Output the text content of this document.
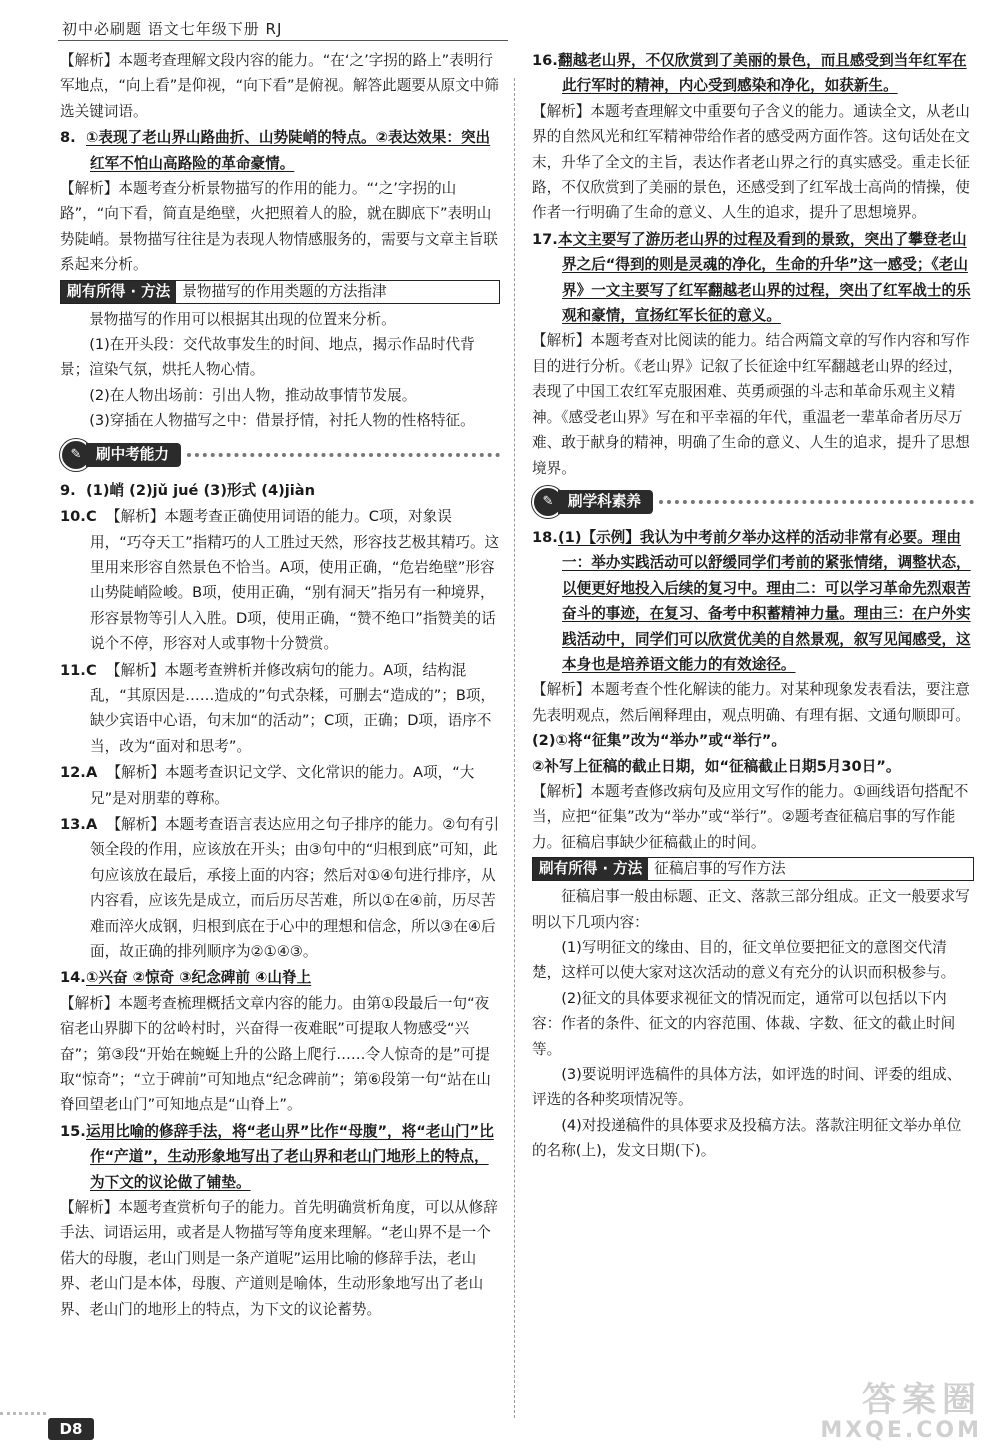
初中必刷题 语文七年级下册 RJ

【解析】本题考查理解文段内容的能力。“在‘之’字拐的路上”表明行军地点，“向上看”是仰视，“向下看”是俯视。解答此题要从原文中筛选关键词语。

8. ①表现了老山界山路曲折、山势陡峭的特点。②表达效果：突出红军不怕山高路险的革命豪情。

【解析】本题考查分析景物描写的作用的能力。“‘之’字拐的山路”，“向下看，简直是绝壁，火把照着人的脸，就在脚底下”表明山势陡峭。景物描写往往是为表现人物情感服务的，需要与文章主旨联系起来分析。

刷有所得 · 方法 景物描写的作用类题的方法指津

景物描写的作用可以根据其出现的位置来分析。

(1)在开头段：交代故事发生的时间、地点，揭示作品时代背景；渲染气氛，烘托人物心情。

(2)在人物出场前：引出人物，推动故事情节发展。

(3)穿插在人物描写之中：借景抒情，衬托人物的性格特征。

✎ 刷中考能力

9. (1)峭 (2)jǔ jué (3)形式 (4)jiàn

10.C 【解析】本题考查正确使用词语的能力。C项，对象误用，“巧夺天工”指精巧的人工胜过天然，形容技艺极其精巧。这里用来形容自然景色不恰当。A项，使用正确，“危岩绝壁”形容山势陡峭险峻。B项，使用正确，“别有洞天”指另有一种境界，形容景物等引人入胜。D项，使用正确，“赞不绝口”指赞美的话说个不停，形容对人或事物十分赞赏。

11.C 【解析】本题考查辨析并修改病句的能力。A项，结构混乱，“其原因是……造成的”句式杂糅，可删去“造成的”；B项，缺少宾语中心语，句末加“的活动”；C项，正确；D项，语序不当，改为“面对和思考”。

12.A 【解析】本题考查识记文学、文化常识的能力。A项，“大兄”是对朋辈的尊称。

13.A 【解析】本题考查语言表达应用之句子排序的能力。②句有引领全段的作用，应该放在开头；由③句中的“归根到底”可知，此句应该放在最后，承接上面的内容；然后对①④句进行排序，从内容看，应该先是成立，而后历尽苦难，所以①在④前，历尽苦难而淬火成钢，归根到底在于心中的理想和信念，所以③在④后面，故正确的排列顺序为②①④③。

14.①兴奋 ②惊奇 ③纪念碑前 ④山脊上

【解析】本题考查梳理概括文章内容的能力。由第①段最后一句“夜宿老山界脚下的岔岭村时，兴奋得一夜难眠”可提取人物感受“兴奋”；第③段“开始在蜿蜒上升的公路上爬行……令人惊奇的是”可提取“惊奇”；“立于碑前”可知地点“纪念碑前”；第⑥段第一句“站在山脊回望老山门”可知地点是“山脊上”。

15.运用比喻的修辞手法，将“老山界”比作“母腹”，将“老山门”比作“产道”，生动形象地写出了老山界和老山门地形上的特点，为下文的议论做了铺垫。

【解析】本题考查赏析句子的能力。首先明确赏析角度，可以从修辞手法、词语运用，或者是人物描写等角度来理解。“老山界不是一个偌大的母腹，老山门则是一条产道呢”运用比喻的修辞手法，老山界、老山门是本体，母腹、产道则是喻体，生动形象地写出了老山界、老山门的地形上的特点，为下文的议论蓄势。

16.翻越老山界，不仅欣赏到了美丽的景色，而且感受到当年红军在此行军时的精神，内心受到感染和净化，如获新生。

【解析】本题考查理解文中重要句子含义的能力。通读全文，从老山界的自然风光和红军精神带给作者的感受两方面作答。这句话处在文末，升华了全文的主旨，表达作者老山界之行的真实感受。重走长征路，不仅欣赏到了美丽的景色，还感受到了红军战士高尚的情操，使作者一行明确了生命的意义、人生的追求，提升了思想境界。

17.本文主要写了游历老山界的过程及看到的景致，突出了攀登老山界之后“得到的则是灵魂的净化，生命的升华”这一感受；《老山界》一文主要写了红军翻越老山界的过程，突出了红军战士的乐观和豪情，宣扬红军长征的意义。

【解析】本题考查对比阅读的能力。结合两篇文章的写作内容和写作目的进行分析。《老山界》记叙了长征途中红军翻越老山界的经过，表现了中国工农红军克服困难、英勇顽强的斗志和革命乐观主义精神。《感受老山界》写在和平幸福的年代，重温老一辈革命者历尽万难、敢于献身的精神，明确了生命的意义、人生的追求，提升了思想境界。

✎ 刷学科素养

18.(1)【示例】我认为中考前夕举办这样的活动非常有必要。理由一：举办实践活动可以舒缓同学们考前的紧张情绪，调整状态，以便更好地投入后续的复习中。理由二：可以学习革命先烈艰苦奋斗的事迹，在复习、备考中积蓄精神力量。理由三：在户外实践活动中，同学们可以欣赏优美的自然景观，叙写见闻感受，这本身也是培养语文能力的有效途径。

【解析】本题考查个性化解读的能力。对某种现象发表看法，要注意先表明观点，然后阐释理由，观点明确、有理有据、文通句顺即可。

(2)①将“征集”改为“举办”或“举行”。

②补写上征稿的截止日期，如“征稿截止日期5月30日”。

【解析】本题考查修改病句及应用文写作的能力。①画线语句搭配不当，应把“征集”改为“举办”或“举行”。②题考查征稿启事的写作能力。征稿启事缺少征稿截止的时间。

刷有所得 · 方法 征稿启事的写作方法

征稿启事一般由标题、正文、落款三部分组成。正文一般要求写明以下几项内容：

(1)写明征文的缘由、目的，征文单位要把征文的意图交代清楚，这样可以使大家对这次活动的意义有充分的认识而积极参与。

(2)征文的具体要求视征文的情况而定，通常可以包括以下内容：作者的条件、征文的内容范围、体裁、字数、征文的截止时间等。

(3)要说明评选稿件的具体方法，如评选的时间、评委的组成、评选的各种奖项情况等。

(4)对投递稿件的具体要求及投稿方法。落款注明征文举办单位的名称(上)，发文日期(下)。

D8
答案圈
MXQE.COM
